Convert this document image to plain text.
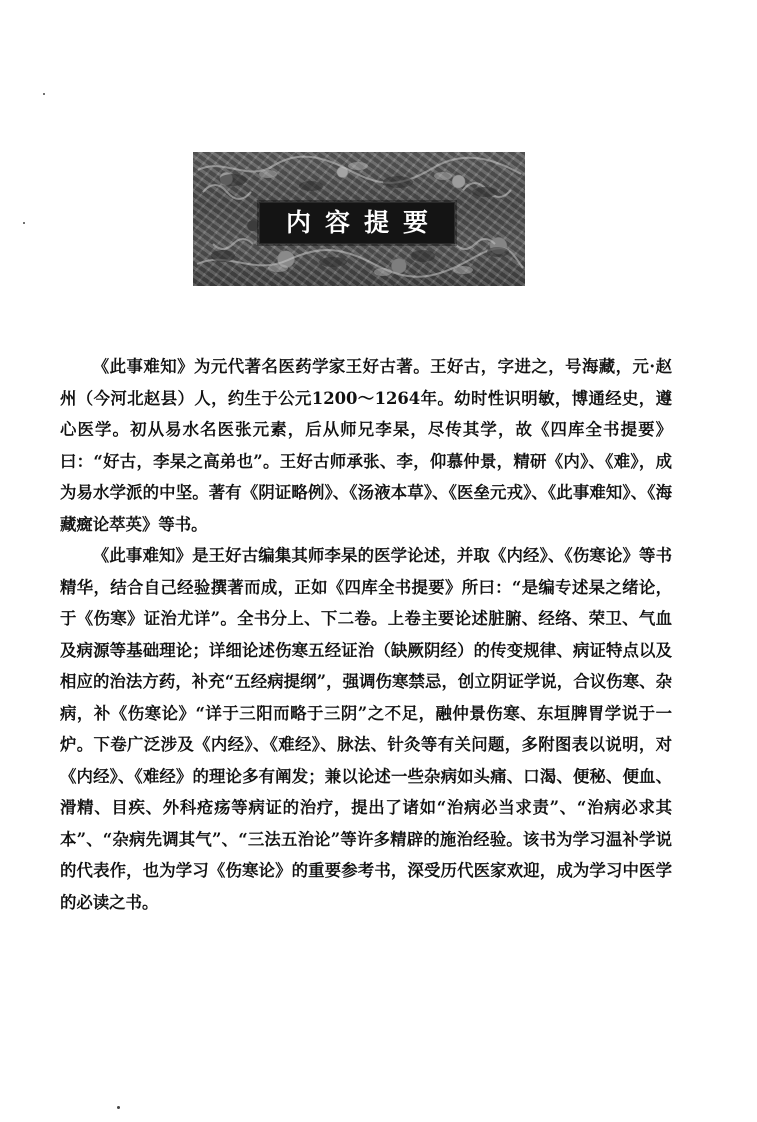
内容提要

《此事难知》为元代著名医药学家王好古著。王好古，字进之，号海藏，元·赵州（今河北赵县）人，约生于公元1200～1264年。幼时性识明敏，博通经史，遵心医学。初从易水名医张元素，后从师兄李杲，尽传其学，故《四库全书提要》曰：“好古，李杲之高弟也”。王好古师承张、李，仰慕仲景，精研《内》、《难》，成为易水学派的中坚。著有《阴证略例》、《汤液本草》、《医垒元戎》、《此事难知》、《海藏癍论萃英》等书。

《此事难知》是王好古编集其师李杲的医学论述，并取《内经》、《伤寒论》等书精华，结合自己经验撰著而成，正如《四库全书提要》所曰：“是编专述杲之绪论，于《伤寒》证治尤详”。全书分上、下二卷。上卷主要论述脏腑、经络、荣卫、气血及病源等基础理论；详细论述伤寒五经证治（缺厥阴经）的传变规律、病证特点以及相应的治法方药，补充“五经病提纲”，强调伤寒禁忌，创立阴证学说，合议伤寒、杂病，补《伤寒论》“详于三阳而略于三阴”之不足，融仲景伤寒、东垣脾胃学说于一炉。下卷广泛涉及《内经》、《难经》、脉法、针灸等有关问题，多附图表以说明，对《内经》、《难经》的理论多有阐发；兼以论述一些杂病如头痛、口渴、便秘、便血、滑精、目疾、外科疮疡等病证的治疗，提出了诸如“治病必当求责”、“治病必求其本”、“杂病先调其气”、“三法五治论”等许多精辟的施治经验。该书为学习温补学说的代表作，也为学习《伤寒论》的重要参考书，深受历代医家欢迎，成为学习中医学的必读之书。
